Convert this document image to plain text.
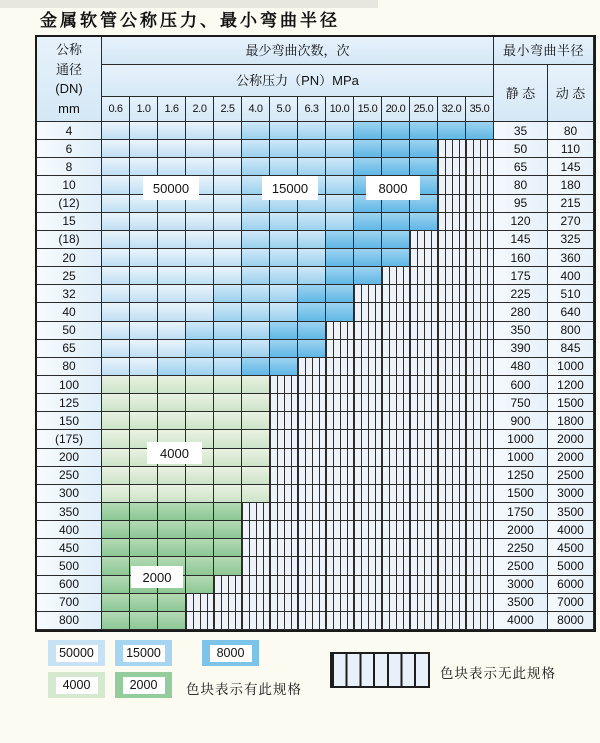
金属软管公称压力、最小弯曲半径
公称
通径
(DN)
mm
最少弯曲次数，次	最小弯曲半径
公称压力（PN）MPa
静 态	动 态
0.6	1.0	1.6	2.0	2.5	4.0	5.0	6.3	10.0 15.0 20.0 25.0 32.0 35.0
4	35	80
6	50	110
8	65	145
10	80	180
(12)	95	215
15	120	270
(18)	145	325
20	160	360
25	175	400
32	225	510
40	280	640
50	350	800
65	390	845
80	480	1000
100	600	1200
125	750	1500
150	900	1800
(175)	1000	2000
200	1000	2000
250	1250	2500
300	1500	3000
350	1750	3500
400	2000	4000
450	2250	4500
500	2500	5000
600	3000	6000
700	3500	7000
800	4000	8000
50000	15000	8000
4000
2000
50000	15000	8000
4000	2000	色块表示有此规格
色块表示无此规格
